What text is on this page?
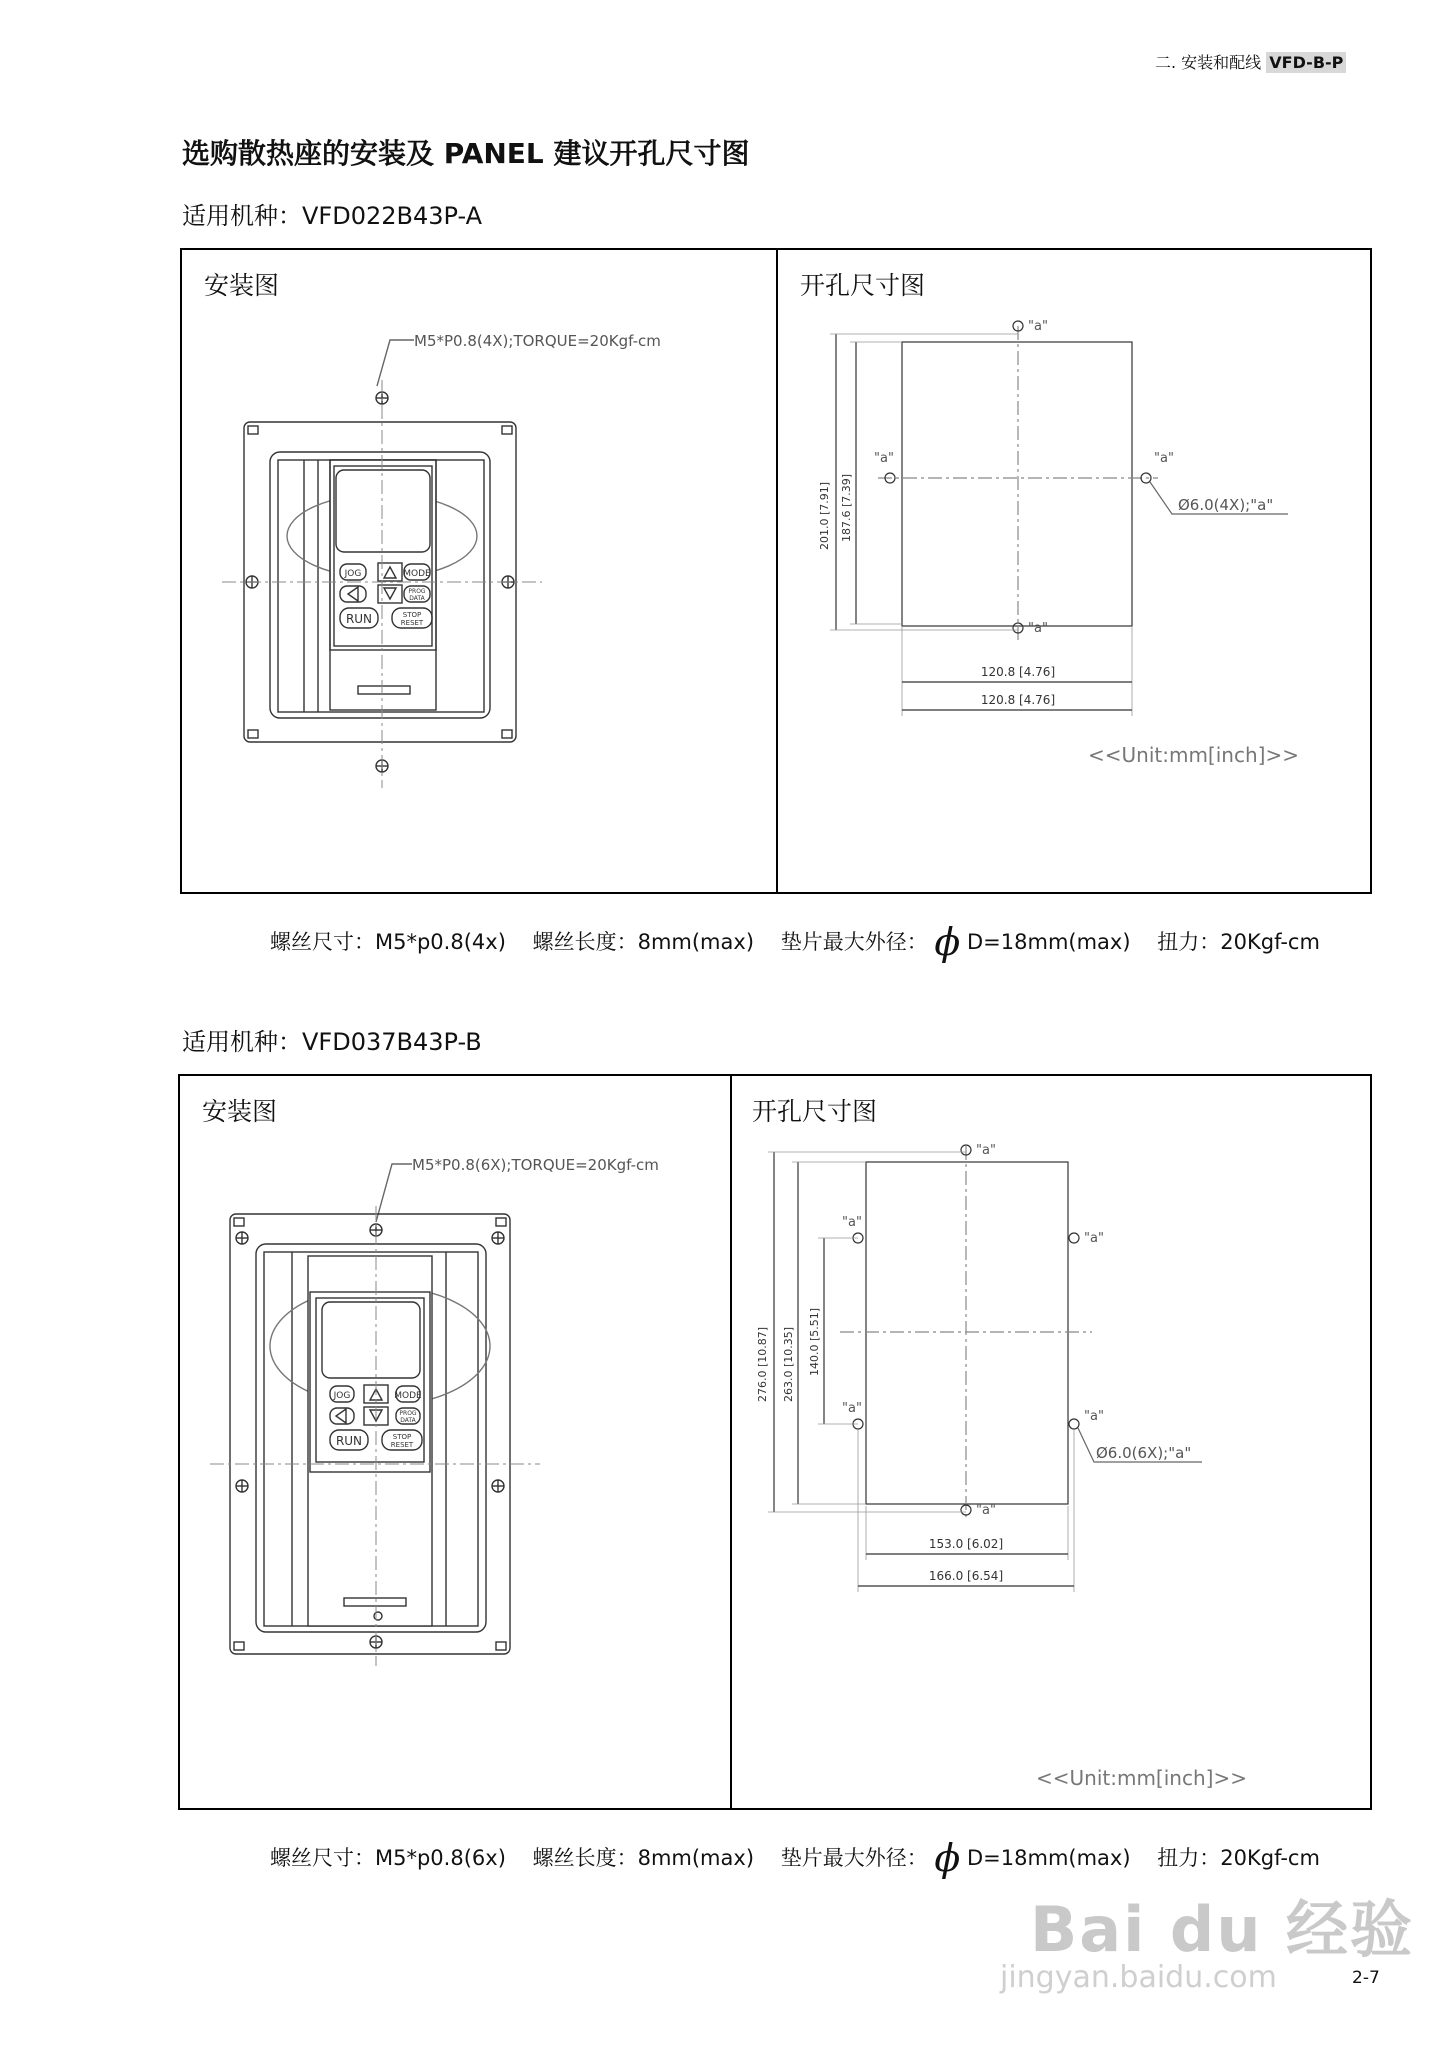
二. 安装和配线 VFD-B-P
选购散热座的安装及 PANEL 建议开孔尺寸图
适用机种：VFD022B43P-A
安装图	开孔尺寸图
M5*P0.8(4X);TORQUE=20Kgf-cm
JOG	MODE
PROG
DATA
RUN	STOP
RESET
"a"
"a"
"a"	"a"
Ø6.0(4X);"a"
201.0 [7.91] 187.6 [7.39]
120.8 [4.76]
120.8 [4.76]
<<Unit:mm[inch]>>
螺丝尺寸：M5*p0.8(4x) 螺丝长度：8mm(max) 垫片最大外径： ϕ D=18mm(max) 扭力：20Kgf-cm
适用机种：VFD037B43P-B
安装图	开孔尺寸图
M5*P0.8(6X);TORQUE=20Kgf-cm
JOG	MODE
PROG
DATA
RUN	STOP
RESET
"a"
"a"
"a"
"a"
"a"
"a"
Ø6.0(6X);"a"
276.0 [10.87] 263.0 [10.35] 140.0 [5.51]
153.0 [6.02]
166.0 [6.54]
<<Unit:mm[inch]>>
螺丝尺寸：M5*p0.8(6x) 螺丝长度：8mm(max) 垫片最大外径： ϕ D=18mm(max) 扭力：20Kgf-cm
Bai du 经验
jingyan.baidu.com	2-7
